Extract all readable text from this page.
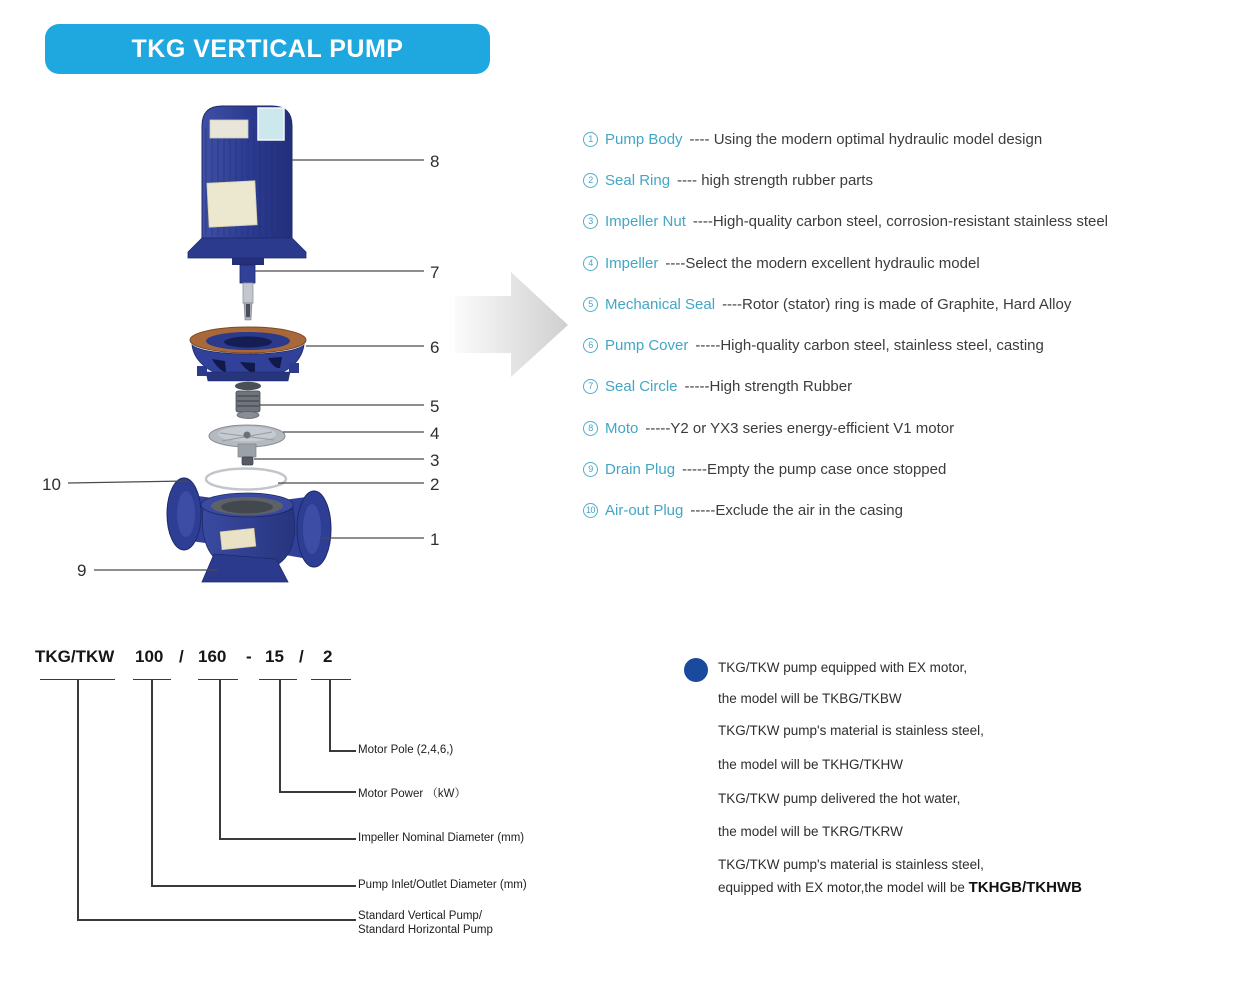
TKG VERTICAL PUMP
8
7
6
5
4
3
2
1
10
9
1 Pump Body ---- Using the modern optimal hydraulic model design
2 Seal Ring ---- high strength rubber parts
3 Impeller Nut ----High-quality carbon steel, corrosion-resistant stainless steel
4 Impeller ----Select the modern excellent hydraulic model
5 Mechanical Seal ----Rotor (stator) ring is made of Graphite, Hard Alloy
6 Pump Cover -----High-quality carbon steel, stainless steel, casting
7 Seal Circle -----High strength Rubber
8 Moto -----Y2 or YX3 series energy-efficient V1 motor
9 Drain Plug -----Empty the pump case once stopped
10 Air-out Plug -----Exclude the air in the casing
TKG/TKW 100 / 160 - 15 / 2
Motor Pole (2,4,6,)
Motor Power （kW）
Impeller Nominal Diameter (mm)
Pump Inlet/Outlet Diameter (mm)
Standard Vertical Pump/
Standard Horizontal Pump
TKG/TKW pump equipped with EX motor,
the model will be TKBG/TKBW
TKG/TKW pump's material is stainless steel,
the model will be TKHG/TKHW
TKG/TKW pump delivered the hot water,
the model will be TKRG/TKRW
TKG/TKW pump's material is stainless steel,
equipped with EX motor,the model will be TKHGB/TKHWB
